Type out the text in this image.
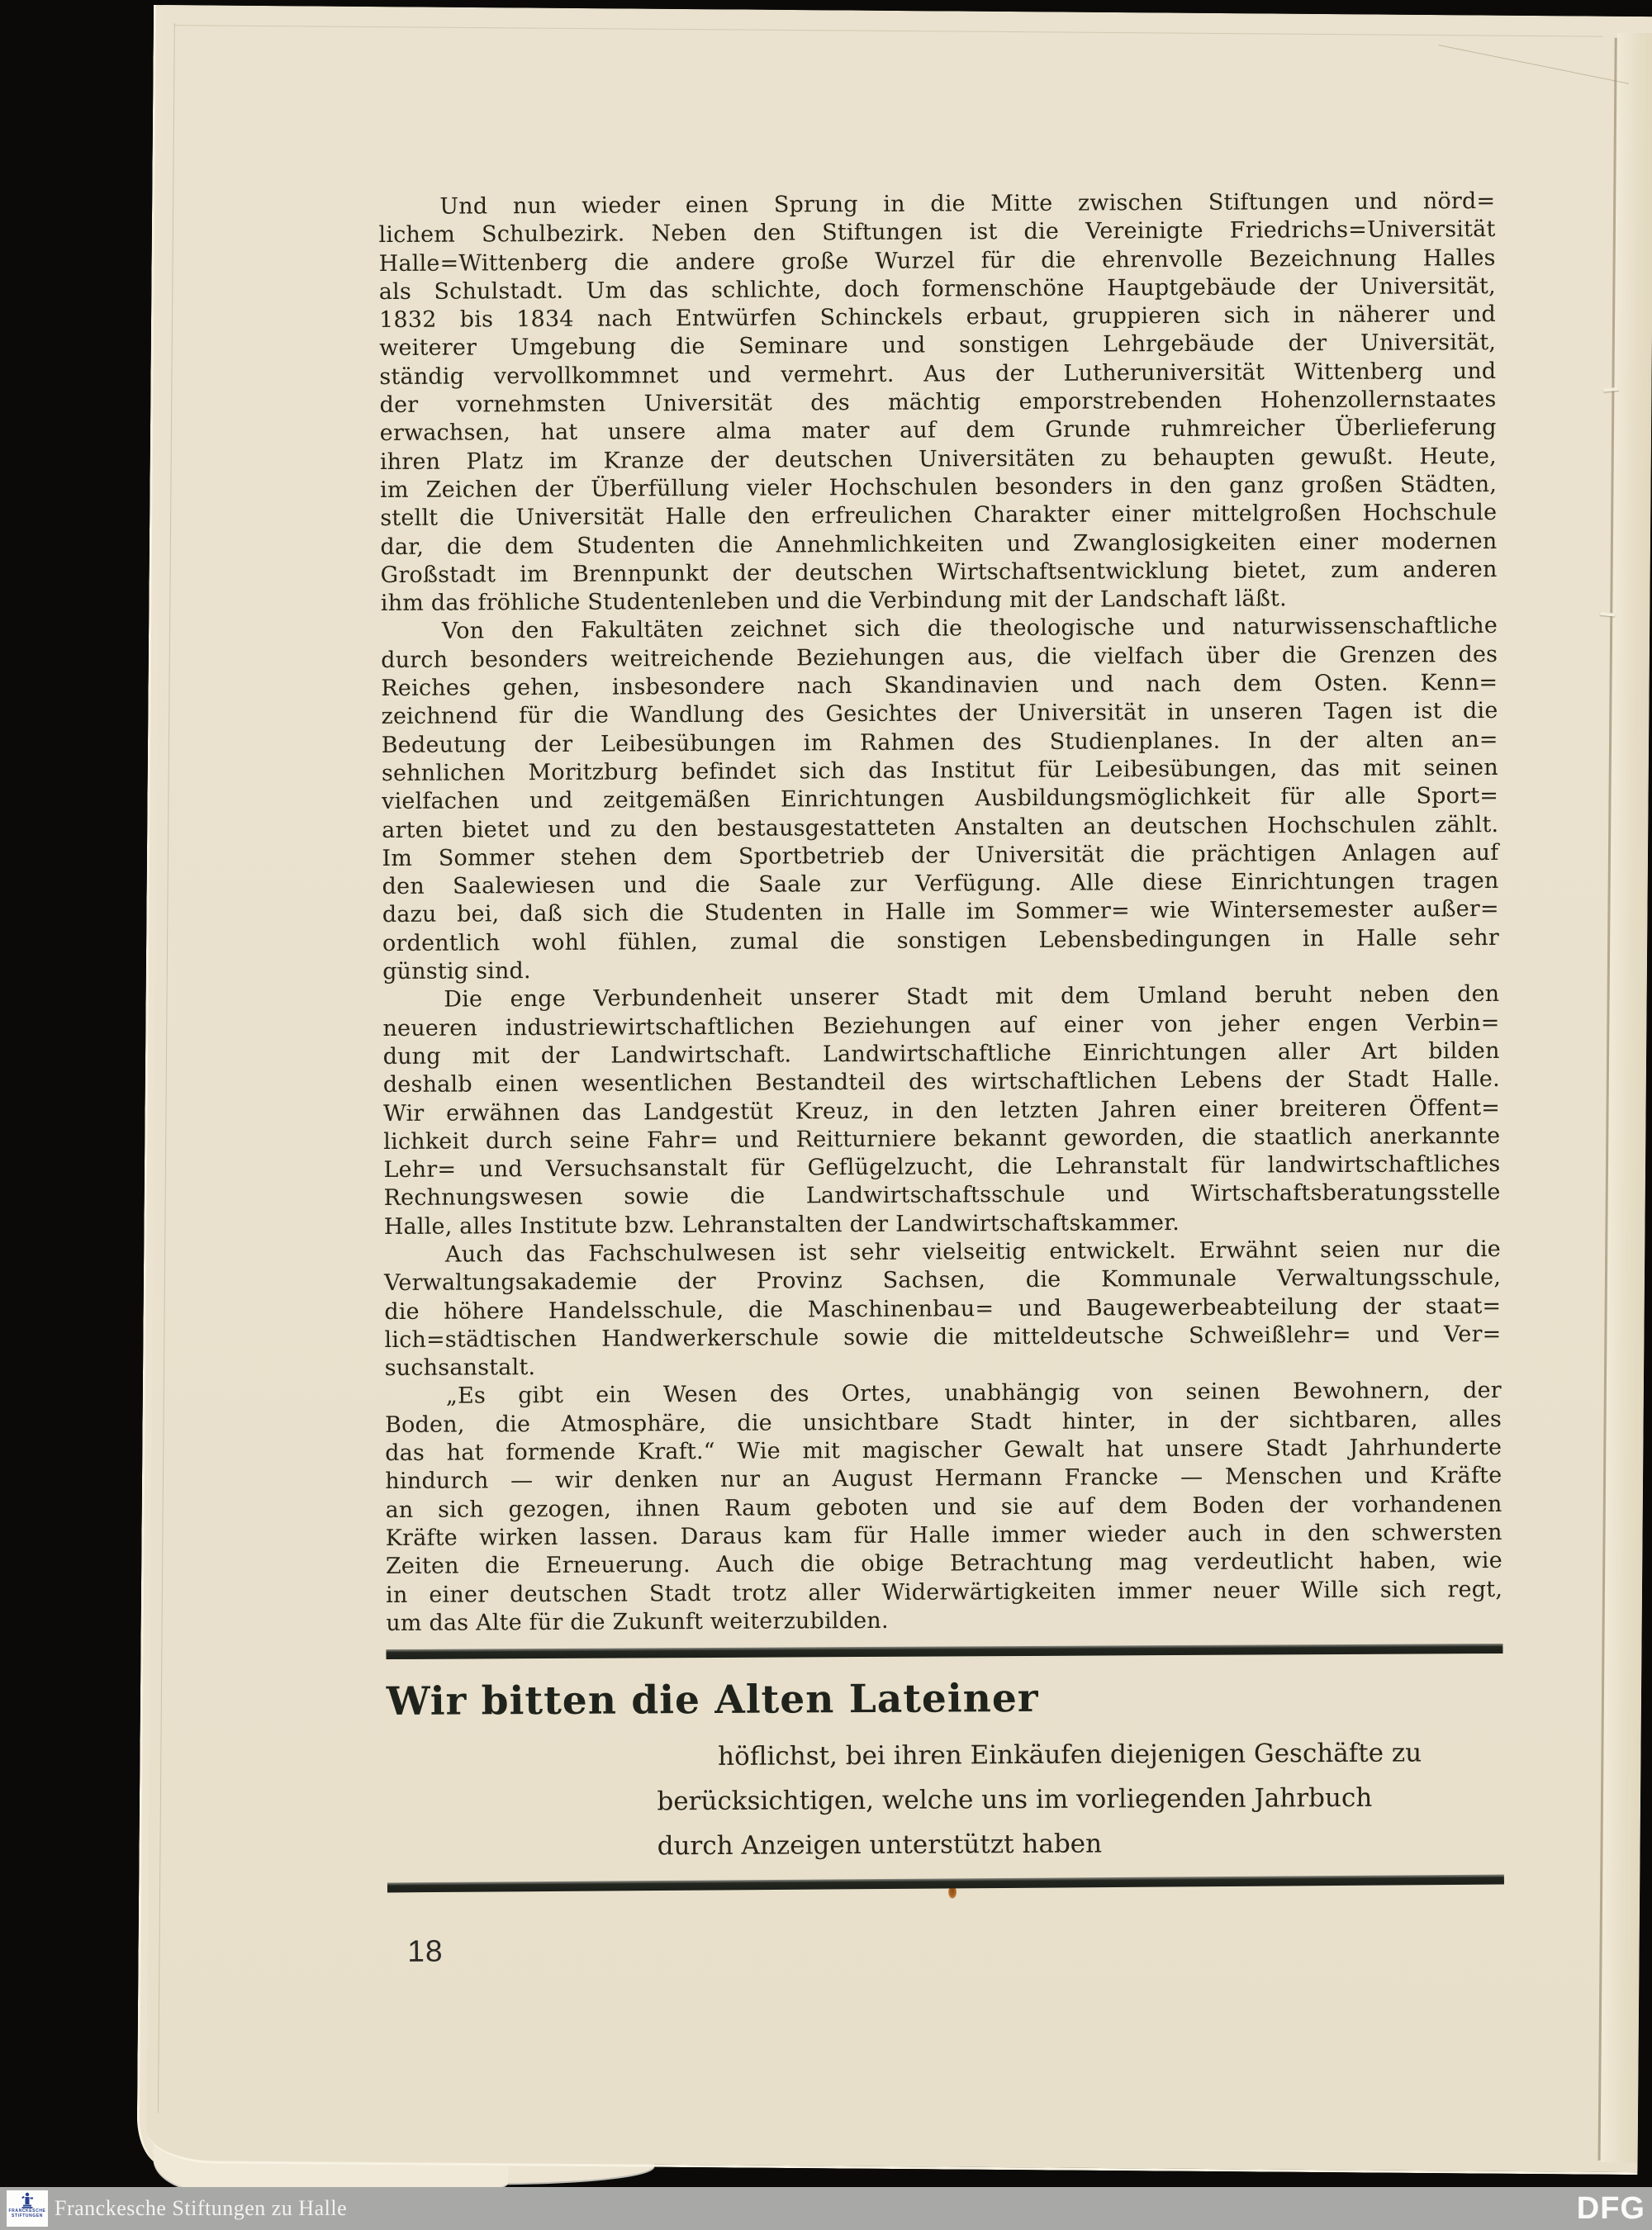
Und nun wieder einen Sprung in die Mitte zwischen Stiftungen und nörd=
lichem Schulbezirk. Neben den Stiftungen ist die Vereinigte Friedrichs=Universität
Halle=Wittenberg die andere große Wurzel für die ehrenvolle Bezeichnung Halles
als Schulstadt. Um das schlichte, doch formenschöne Hauptgebäude der Universität,
1832 bis 1834 nach Entwürfen Schinckels erbaut, gruppieren sich in näherer und
weiterer Umgebung die Seminare und sonstigen Lehrgebäude der Universität,
ständig vervollkommnet und vermehrt. Aus der Lutheruniversität Wittenberg und
der vornehmsten Universität des mächtig emporstrebenden Hohenzollernstaates
erwachsen, hat unsere alma mater auf dem Grunde ruhmreicher Überlieferung
ihren Platz im Kranze der deutschen Universitäten zu behaupten gewußt. Heute,
im Zeichen der Überfüllung vieler Hochschulen besonders in den ganz großen Städten,
stellt die Universität Halle den erfreulichen Charakter einer mittelgroßen Hochschule
dar, die dem Studenten die Annehmlichkeiten und Zwanglosigkeiten einer modernen
Großstadt im Brennpunkt der deutschen Wirtschaftsentwicklung bietet, zum anderen
ihm das fröhliche Studentenleben und die Verbindung mit der Landschaft läßt.
Von den Fakultäten zeichnet sich die theologische und naturwissenschaftliche
durch besonders weitreichende Beziehungen aus, die vielfach über die Grenzen des
Reiches gehen, insbesondere nach Skandinavien und nach dem Osten. Kenn=
zeichnend für die Wandlung des Gesichtes der Universität in unseren Tagen ist die
Bedeutung der Leibesübungen im Rahmen des Studienplanes. In der alten an=
sehnlichen Moritzburg befindet sich das Institut für Leibesübungen, das mit seinen
vielfachen und zeitgemäßen Einrichtungen Ausbildungsmöglichkeit für alle Sport=
arten bietet und zu den bestausgestatteten Anstalten an deutschen Hochschulen zählt.
Im Sommer stehen dem Sportbetrieb der Universität die prächtigen Anlagen auf
den Saalewiesen und die Saale zur Verfügung. Alle diese Einrichtungen tragen
dazu bei, daß sich die Studenten in Halle im Sommer= wie Wintersemester außer=
ordentlich wohl fühlen, zumal die sonstigen Lebensbedingungen in Halle sehr
günstig sind.
Die enge Verbundenheit unserer Stadt mit dem Umland beruht neben den
neueren industriewirtschaftlichen Beziehungen auf einer von jeher engen Verbin=
dung mit der Landwirtschaft. Landwirtschaftliche Einrichtungen aller Art bilden
deshalb einen wesentlichen Bestandteil des wirtschaftlichen Lebens der Stadt Halle.
Wir erwähnen das Landgestüt Kreuz, in den letzten Jahren einer breiteren Öffent=
lichkeit durch seine Fahr= und Reitturniere bekannt geworden, die staatlich anerkannte
Lehr= und Versuchsanstalt für Geflügelzucht, die Lehranstalt für landwirtschaftliches
Rechnungswesen sowie die Landwirtschaftsschule und Wirtschaftsberatungsstelle
Halle, alles Institute bzw. Lehranstalten der Landwirtschaftskammer.
Auch das Fachschulwesen ist sehr vielseitig entwickelt. Erwähnt seien nur die
Verwaltungsakademie der Provinz Sachsen, die Kommunale Verwaltungsschule,
die höhere Handelsschule, die Maschinenbau= und Baugewerbeabteilung der staat=
lich=städtischen Handwerkerschule sowie die mitteldeutsche Schweißlehr= und Ver=
suchsanstalt.
„Es gibt ein Wesen des Ortes, unabhängig von seinen Bewohnern, der
Boden, die Atmosphäre, die unsichtbare Stadt hinter, in der sichtbaren, alles
das hat formende Kraft.“ Wie mit magischer Gewalt hat unsere Stadt Jahrhunderte
hindurch — wir denken nur an August Hermann Francke — Menschen und Kräfte
an sich gezogen, ihnen Raum geboten und sie auf dem Boden der vorhandenen
Kräfte wirken lassen. Daraus kam für Halle immer wieder auch in den schwersten
Zeiten die Erneuerung. Auch die obige Betrachtung mag verdeutlicht haben, wie
in einer deutschen Stadt trotz aller Widerwärtigkeiten immer neuer Wille sich regt,
um das Alte für die Zukunft weiterzubilden.
Wir bitten die Alten Lateiner
höflichst, bei ihren Einkäufen diejenigen Geschäfte zu
berücksichtigen, welche uns im vorliegenden Jahrbuch
durch Anzeigen unterstützt haben
18
FRANCKESCHE
STIFTUNGEN Franckesche Stiftungen zu Halle	DFG
